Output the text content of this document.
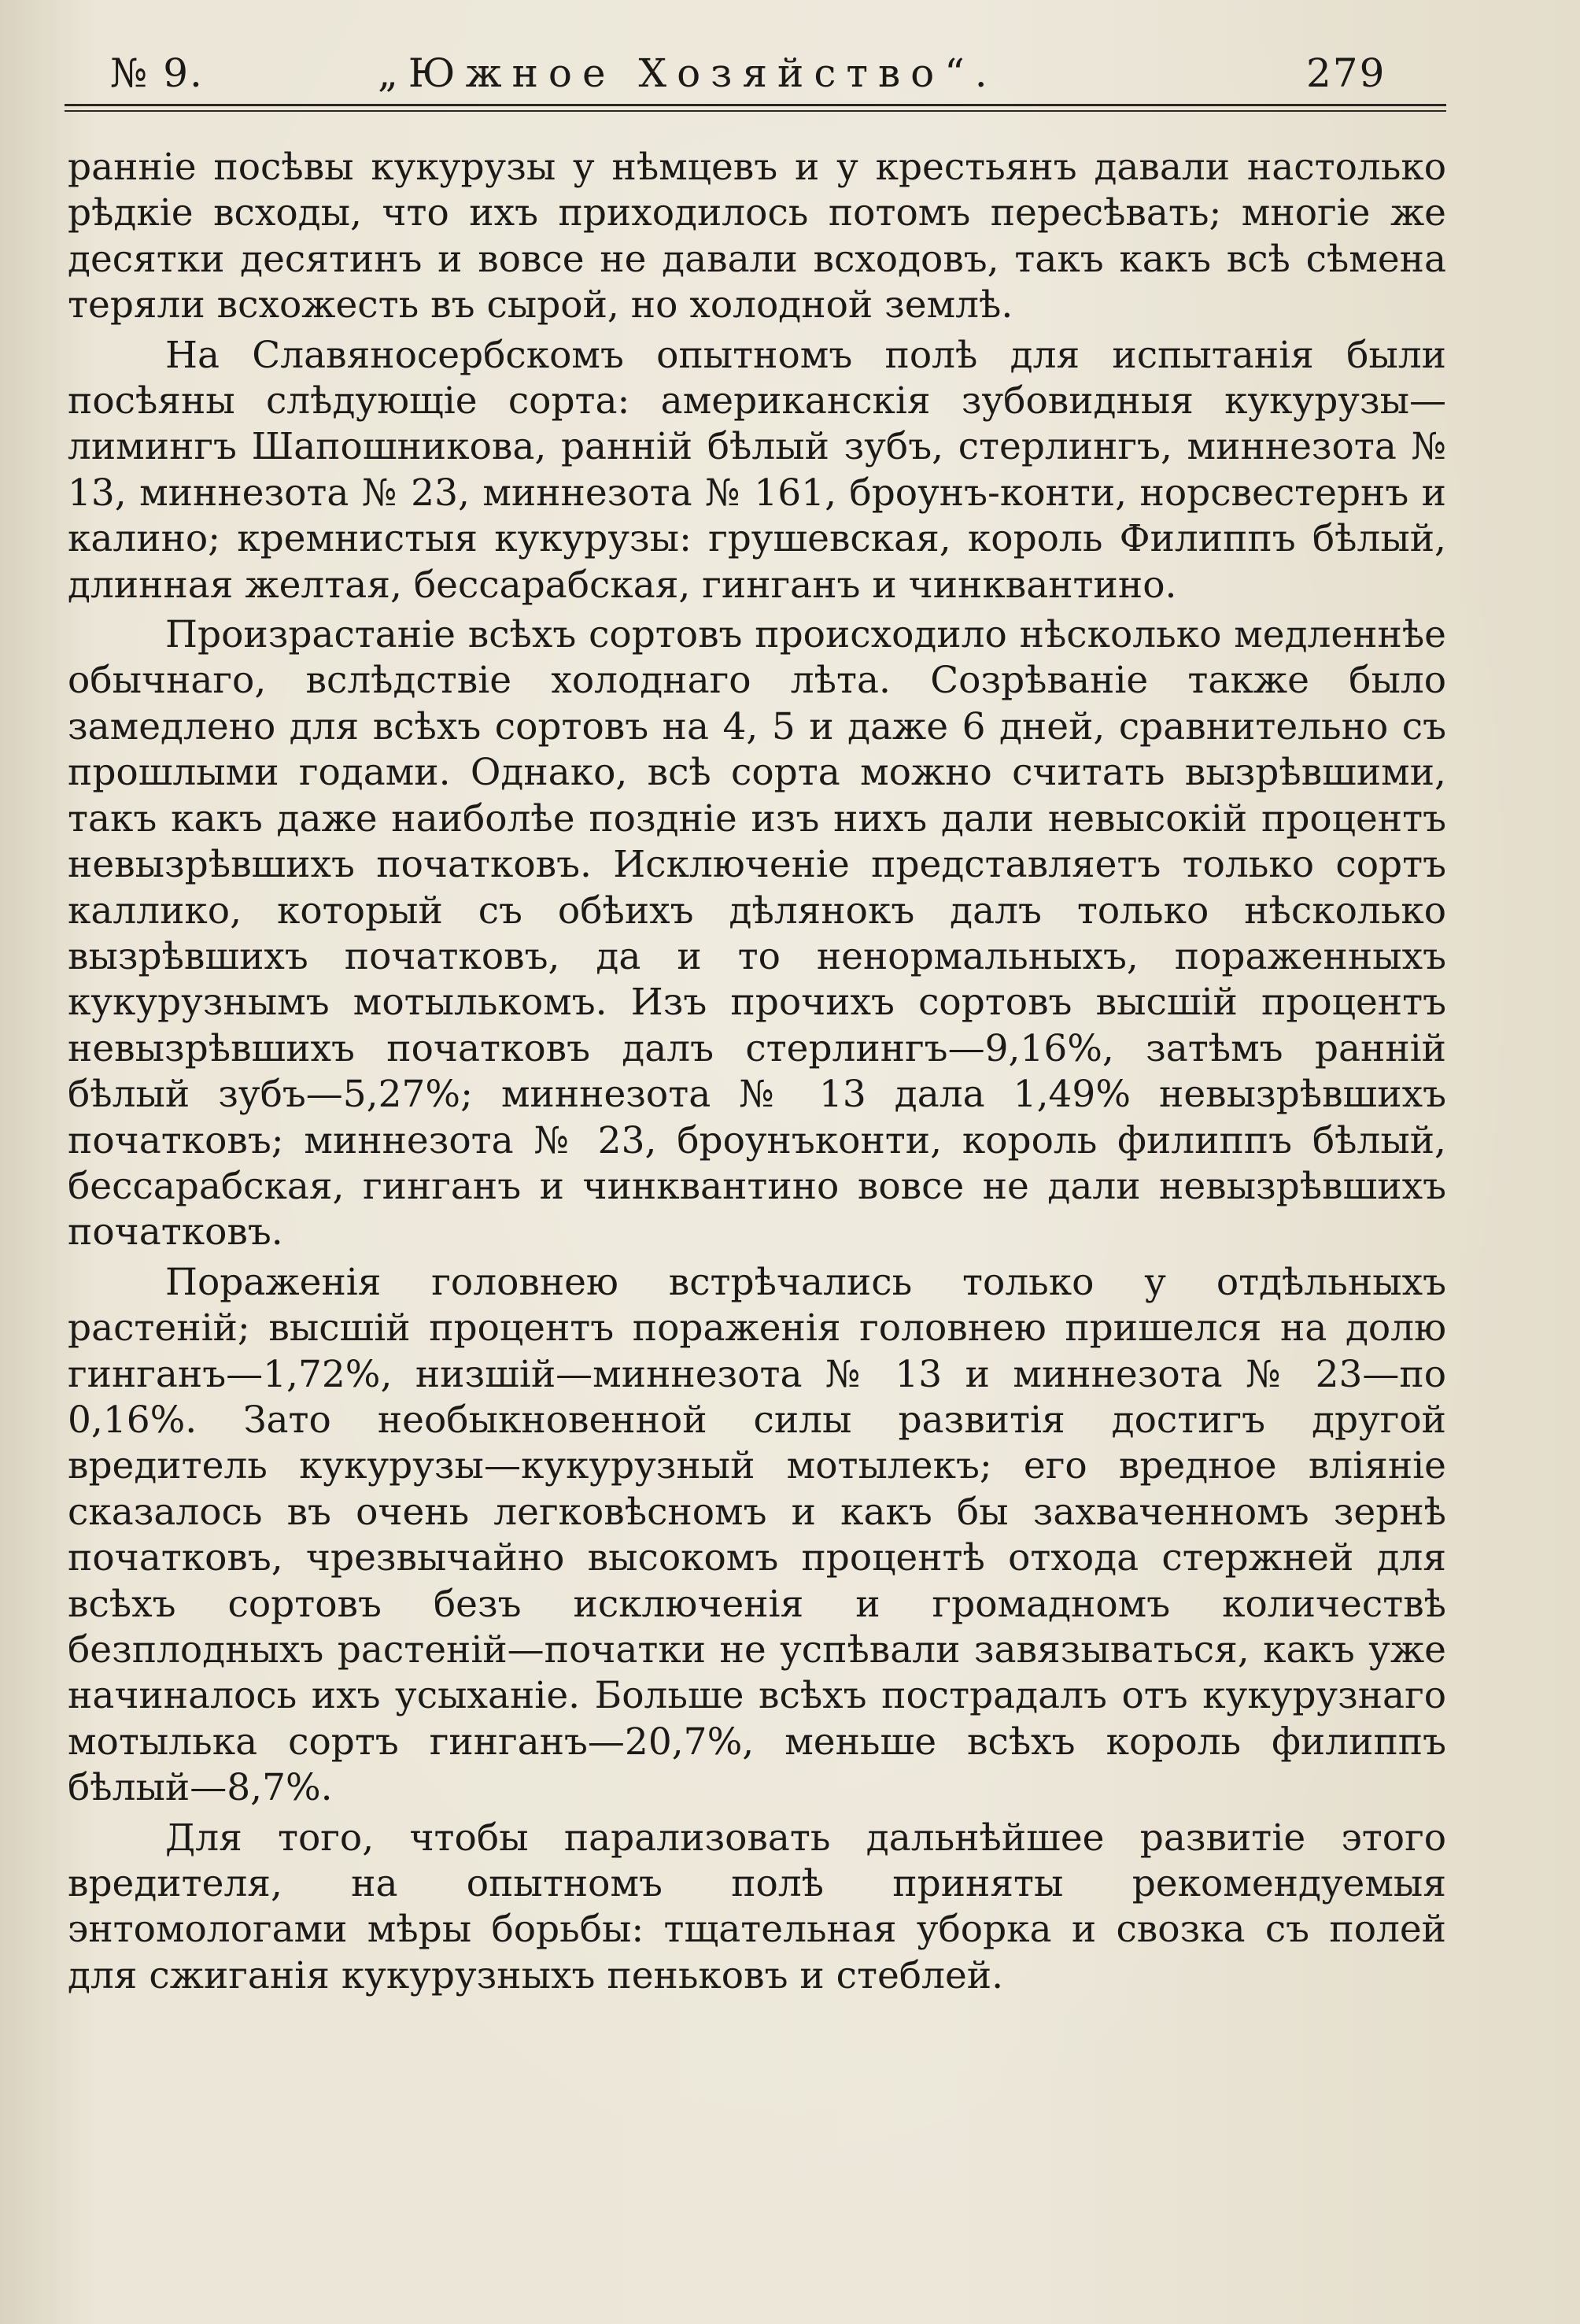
№ 9.	„Южное Хозяйство“.	279

ранніе посѣвы кукурузы у нѣмцевъ и у крестьянъ давали настолько рѣдкіе всходы, что ихъ приходилось потомъ пересѣвать; многіе же десятки десятинъ и вовсе не давали всходовъ, такъ какъ всѣ сѣмена теряли всхожесть въ сырой, но холодной землѣ.

На Славяносербскомъ опытномъ полѣ для испытанія были посѣяны слѣдующіе сорта: американскія зубовидныя кукурузы—лимингъ Шапошникова, ранній бѣлый зубъ, стерлингъ, миннезота № 13, миннезота № 23, миннезота № 161, броунъ-конти, норсвестернъ и калино; кремнистыя кукурузы: грушевская, король Филиппъ бѣлый, длинная желтая, бессарабская, гинганъ и чинквантино.

Произрастаніе всѣхъ сортовъ происходило нѣсколько медленнѣе обычнаго, вслѣдствіе холоднаго лѣта. Созрѣваніе также было замедлено для всѣхъ сортовъ на 4, 5 и даже 6 дней, сравнительно съ прошлыми годами. Однако, всѣ сорта можно считать вызрѣвшими, такъ какъ даже наиболѣе поздніе изъ нихъ дали невысокій процентъ невызрѣвшихъ початковъ. Исключеніе представляетъ только сортъ каллико, который съ обѣихъ дѣлянокъ далъ только нѣсколько вызрѣвшихъ початковъ, да и то ненормальныхъ, пораженныхъ кукурузнымъ мотылькомъ. Изъ прочихъ сортовъ высшій процентъ невызрѣвшихъ початковъ далъ стерлингъ—9,16%, затѣмъ ранній бѣлый зубъ—5,27%; миннезота № 13 дала 1,49% невызрѣвшихъ початковъ; миннезота № 23, броунъконти, король филиппъ бѣлый, бессарабская, гинганъ и чинквантино вовсе не дали невызрѣвшихъ початковъ.

Пораженія головнею встрѣчались только у отдѣльныхъ растеній; высшій процентъ пораженія головнею пришелся на долю гинганъ—1,72%, низшій—миннезота № 13 и миннезота № 23—по 0,16%. Зато необыкновенной силы развитія достигъ другой вредитель кукурузы—кукурузный мотылекъ; его вредное вліяніе сказалось въ очень легковѣсномъ и какъ бы захваченномъ зернѣ початковъ, чрезвычайно высокомъ процентѣ отхода стержней для всѣхъ сортовъ безъ исключенія и громадномъ количествѣ безплодныхъ растеній—початки не успѣвали завязываться, какъ уже начиналось ихъ усыханіе. Больше всѣхъ пострадалъ отъ кукурузнаго мотылька сортъ гинганъ—20,7%, меньше всѣхъ король филиппъ бѣлый—8,7%.

Для того, чтобы парализовать дальнѣйшее развитіе этого вредителя, на опытномъ полѣ приняты рекомендуемыя энтомологами мѣры борьбы: тщательная уборка и свозка съ полей для сжиганія кукурузныхъ пеньковъ и стеблей.
